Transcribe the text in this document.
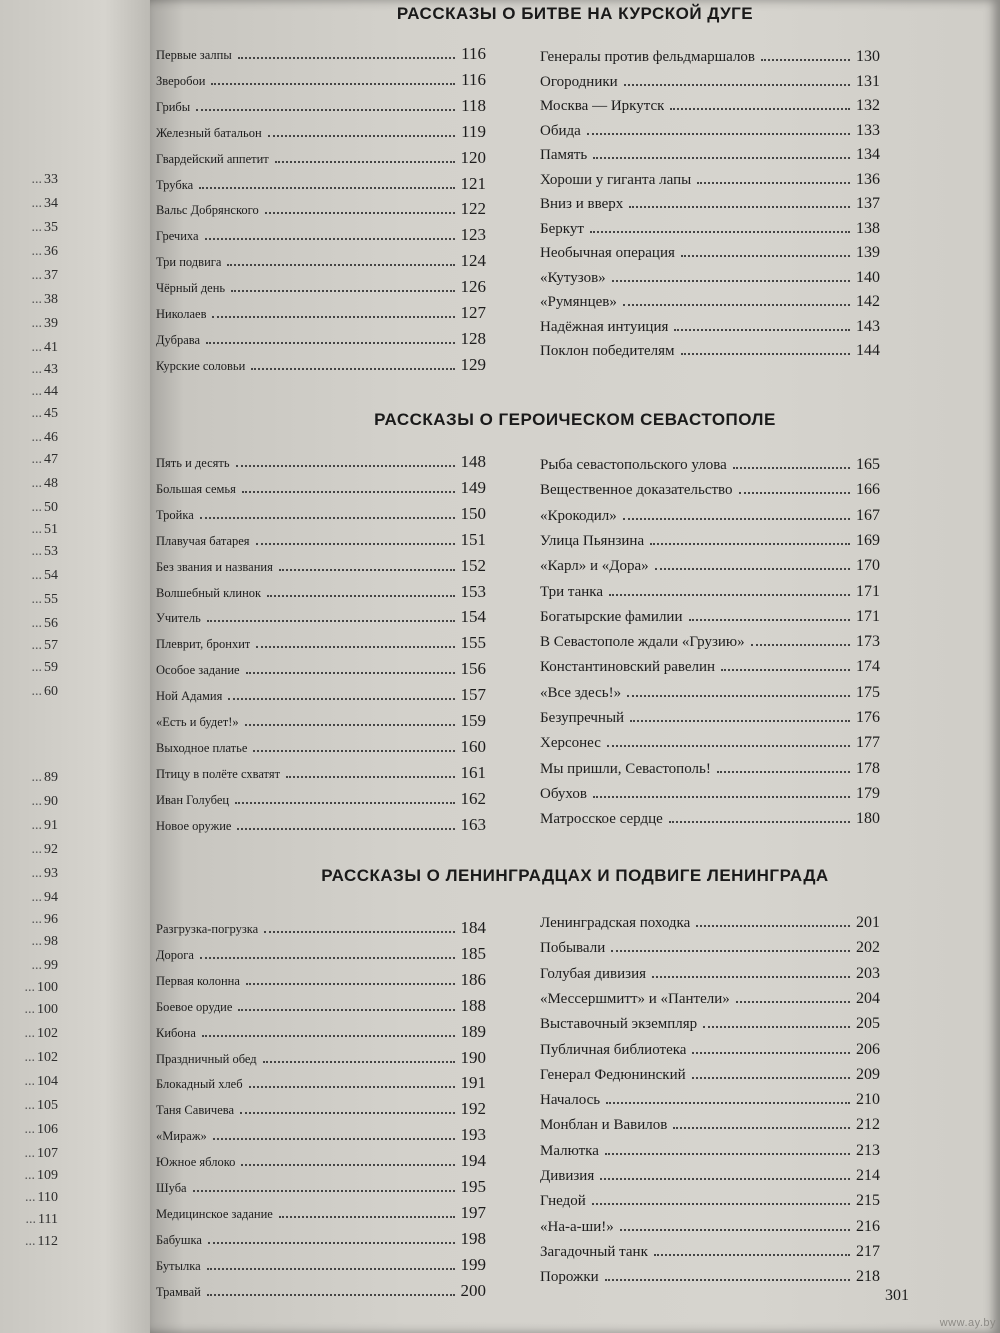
... 33
... 34
... 35
... 36
... 37
... 38
... 39
... 41
... 43
... 44
... 45
... 46
... 47
... 48
... 50
... 51
... 53
... 54
... 55
... 56
... 57
... 59
... 60
... 89
... 90
... 91
... 92
... 93
... 94
... 96
... 98
... 99
... 100
... 100
... 102
... 102
... 104
... 105
... 106
... 107
... 109
... 110
... 111
... 112
РАССКАЗЫ О БИТВЕ НА КУРСКОЙ ДУГЕ
РАССКАЗЫ О ГЕРОИЧЕСКОМ СЕВАСТОПОЛЕ
РАССКАЗЫ О ЛЕНИНГРАДЦАХ И ПОДВИГЕ ЛЕНИНГРАДА
301
Первые залпы	116
Зверобои	116
Грибы	118
Железный батальон	119
Гвардейский аппетит	120
Трубка	121
Вальс Добрянского	122
Гречиха	123
Три подвига	124
Чёрный день	126
Николаев	127
Дубрава	128
Курские соловьи	129
Генералы против фельдмаршалов	130
Огородники	131
Москва — Иркутск	132
Обида	133
Память	134
Хороши у гиганта лапы	136
Вниз и вверх	137
Беркут	138
Необычная операция	139
«Кутузов»	140
«Румянцев»	142
Надёжная интуиция	143
Поклон победителям	144
Пять и десять	148
Большая семья	149
Тройка	150
Плавучая батарея	151
Без звания и названия	152
Волшебный клинок	153
Учитель	154
Плеврит, бронхит	155
Особое задание	156
Ной Адамия	157
«Есть и будет!»	159
Выходное платье	160
Птицу в полёте схватят	161
Иван Голубец	162
Новое оружие	163
Рыба севастопольского улова	165
Вещественное доказательство	166
«Крокодил»	167
Улица Пьянзина	169
«Карл» и «Дора»	170
Три танка	171
Богатырские фамилии	171
В Севастополе ждали «Грузию»	173
Константиновский равелин	174
«Все здесь!»	175
Безупречный	176
Херсонес	177
Мы пришли, Севастополь!	178
Обухов	179
Матросское сердце	180
Разгрузка-погрузка	184
Дорога	185
Первая колонна	186
Боевое орудие	188
Кибона	189
Праздничный обед	190
Блокадный хлеб	191
Таня Савичева	192
«Мираж»	193
Южное яблоко	194
Шуба	195
Медицинское задание	197
Бабушка	198
Бутылка	199
Трамвай	200
Ленинградская походка	201
Побывали	202
Голубая дивизия	203
«Мессершмитт» и «Пантели»	204
Выставочный экземпляр	205
Публичная библиотека	206
Генерал Федюнинский	209
Началось	210
Монблан и Вавилов	212
Малютка	213
Дивизия	214
Гнедой	215
«На-а-ши!»	216
Загадочный танк	217
Порожки	218
www.ay.by
